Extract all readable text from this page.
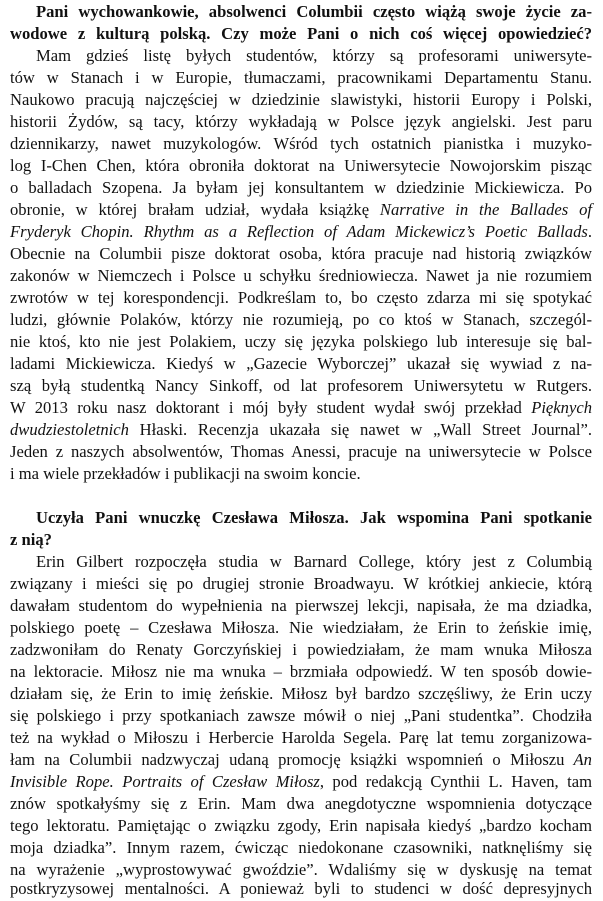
Pani wychowankowie, absolwenci Columbii często wiążą swoje życie za-
wodowe z kulturą polską. Czy może Pani o nich coś więcej opowiedzieć?
Mam gdzieś listę byłych studentów, którzy są profesorami uniwersyte-
tów w Stanach i w Europie, tłumaczami, pracownikami Departamentu Stanu.
Naukowo pracują najczęściej w dziedzinie slawistyki, historii Europy i Polski,
historii Żydów, są tacy, którzy wykładają w Polsce język angielski. Jest paru
dziennikarzy, nawet muzykologów. Wśród tych ostatnich pianistka i muzyko-
log I-Chen Chen, która obroniła doktorat na Uniwersytecie Nowojorskim pisząc
o balladach Szopena. Ja byłam jej konsultantem w dziedzinie Mickiewicza. Po
obronie, w której brałam udział, wydała książkę Narrative in the Ballades of
Fryderyk Chopin. Rhythm as a Reflection of Adam Mickewicz’s Poetic Ballads.
Obecnie na Columbii pisze doktorat osoba, która pracuje nad historią związków
zakonów w Niemczech i Polsce u schyłku średniowiecza. Nawet ja nie rozumiem
zwrotów w tej korespondencji. Podkreślam to, bo często zdarza mi się spotykać
ludzi, głównie Polaków, którzy nie rozumieją, po co ktoś w Stanach, szczegól-
nie ktoś, kto nie jest Polakiem, uczy się języka polskiego lub interesuje się bal-
ladami Mickiewicza. Kiedyś w „Gazecie Wyborczej” ukazał się wywiad z na-
szą byłą studentką Nancy Sinkoff, od lat profesorem Uniwersytetu w Rutgers.
W 2013 roku nasz doktorant i mój były student wydał swój przekład Pięknych
dwudziestoletnich Hłaski. Recenzja ukazała się nawet w „Wall Street Journal”.
Jeden z naszych absolwentów, Thomas Anessi, pracuje na uniwersytecie w Polsce
i ma wiele przekładów i publikacji na swoim koncie.
Uczyła Pani wnuczkę Czesława Miłosza. Jak wspomina Pani spotkanie
z nią?
Erin Gilbert rozpoczęła studia w Barnard College, który jest z Columbią
związany i mieści się po drugiej stronie Broadwayu. W krótkiej ankiecie, którą
dawałam studentom do wypełnienia na pierwszej lekcji, napisała, że ma dziadka,
polskiego poetę – Czesława Miłosza. Nie wiedziałam, że Erin to żeńskie imię,
zadzwoniłam do Renaty Gorczyńskiej i powiedziałam, że mam wnuka Miłosza
na lektoracie. Miłosz nie ma wnuka – brzmiała odpowiedź. W ten sposób dowie-
działam się, że Erin to imię żeńskie. Miłosz był bardzo szczęśliwy, że Erin uczy
się polskiego i przy spotkaniach zawsze mówił o niej „Pani studentka”. Chodziła
też na wykład o Miłoszu i Herbercie Harolda Segela. Parę lat temu zorganizowa-
łam na Columbii nadzwyczaj udaną promocję książki wspomnień o Miłoszu An
Invisible Rope. Portraits of Czesław Miłosz, pod redakcją Cynthii L. Haven, tam
znów spotkałyśmy się z Erin. Mam dwa anegdotyczne wspomnienia dotyczące
tego lektoratu. Pamiętając o związku zgody, Erin napisała kiedyś „bardzo kocham
moja dziadka”. Innym razem, ćwicząc niedokonane czasowniki, natknęliśmy się
na wyrażenie „wyprostowywać gwoździe”. Wdaliśmy się w dyskusję na temat
postkryzysowej mentalności. A ponieważ byli to studenci w dość depresyjnych
